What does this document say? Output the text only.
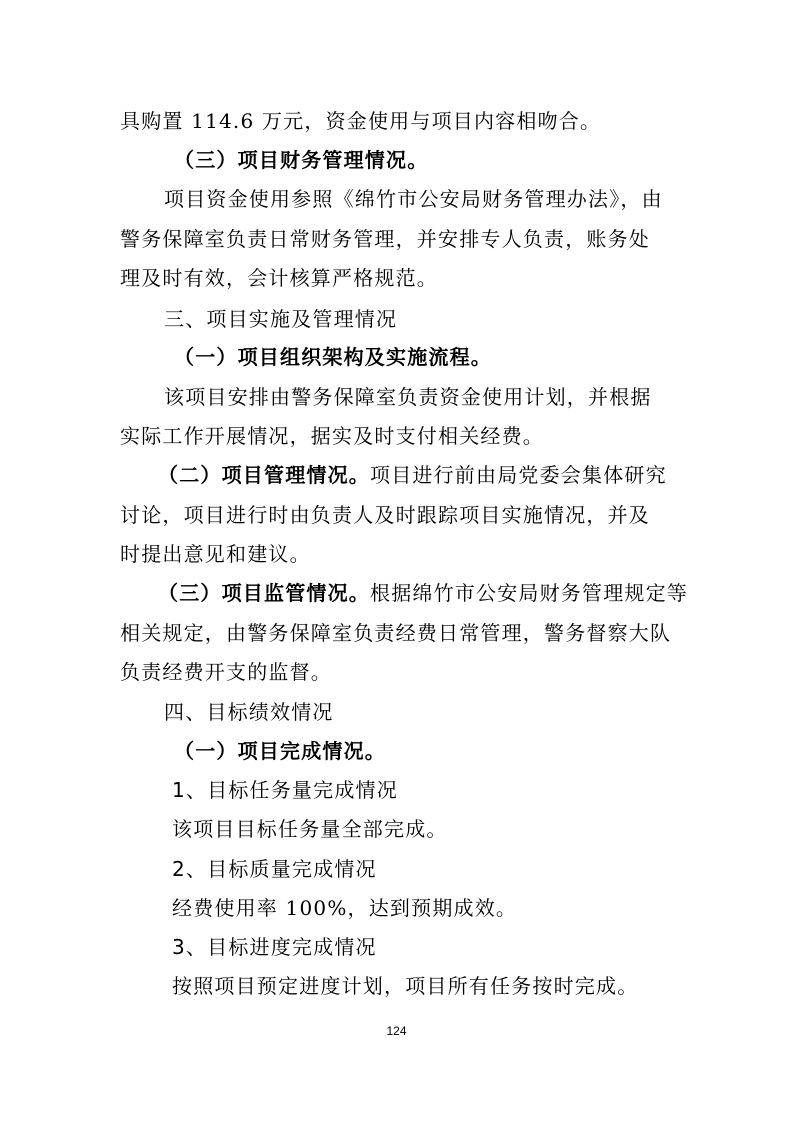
具购置 114.6 万元，资金使用与项目内容相吻合。
（三）项目财务管理情况。
项目资金使用参照《绵竹市公安局财务管理办法》，由
警务保障室负责日常财务管理，并安排专人负责，账务处
理及时有效，会计核算严格规范。
三、项目实施及管理情况
（一）项目组织架构及实施流程。
该项目安排由警务保障室负责资金使用计划，并根据
实际工作开展情况，据实及时支付相关经费。
（二）项目管理情况。项目进行前由局党委会集体研究
讨论，项目进行时由负责人及时跟踪项目实施情况，并及
时提出意见和建议。
（三）项目监管情况。根据绵竹市公安局财务管理规定等
相关规定，由警务保障室负责经费日常管理，警务督察大队
负责经费开支的监督。
四、目标绩效情况
（一）项目完成情况。
1、目标任务量完成情况
该项目目标任务量全部完成。
2、目标质量完成情况
经费使用率 100%，达到预期成效。
3、目标进度完成情况
按照项目预定进度计划，项目所有任务按时完成。
124
